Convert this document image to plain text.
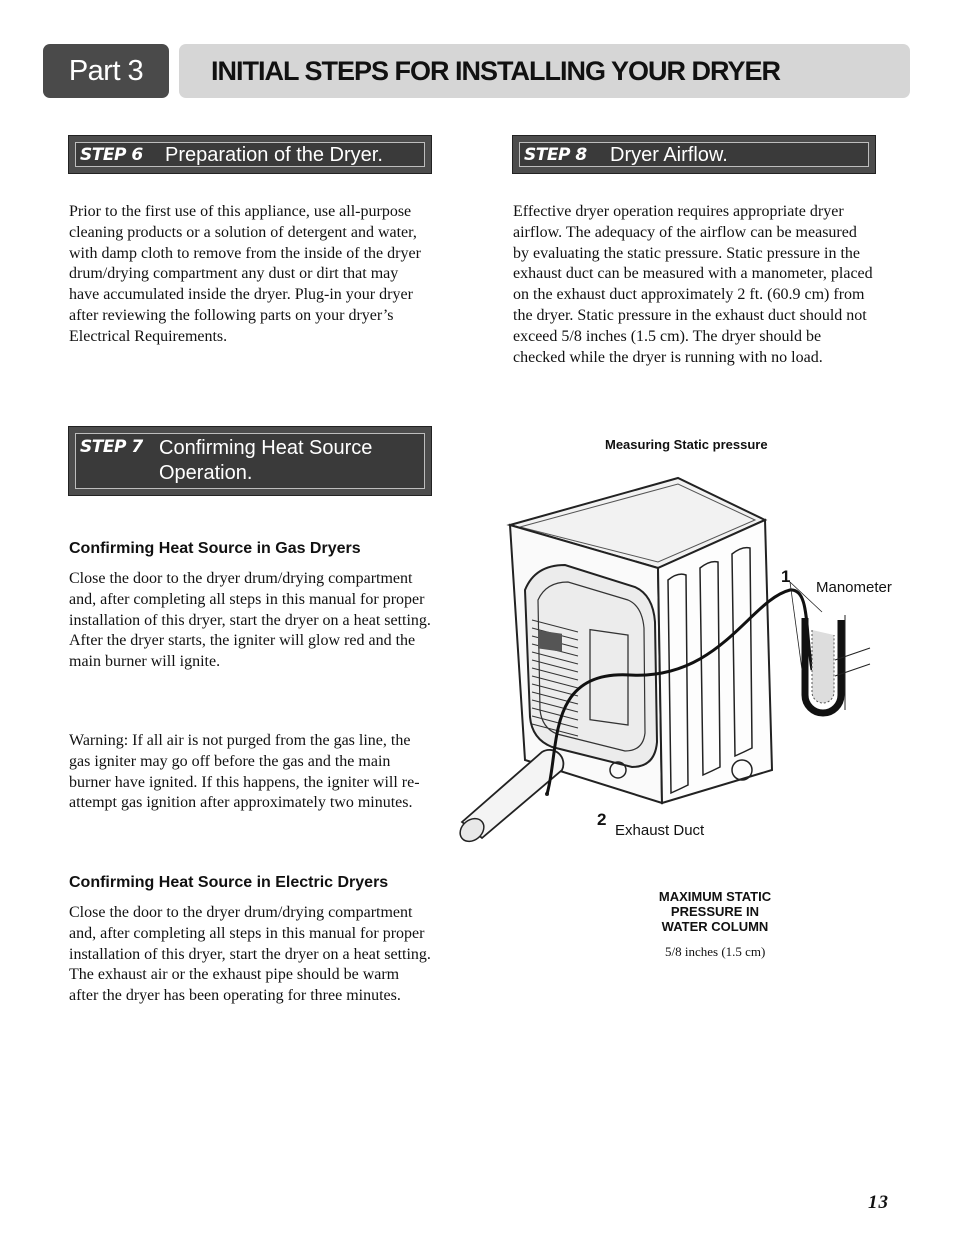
Part 3	INITIAL STEPS FOR INSTALLING YOUR DRYER
STEP 6 Preparation of the Dryer.

Prior to the first use of this appliance, use all-purpose cleaning products or a solution of detergent and water, with damp cloth to remove from the inside of the dryer drum/drying compartment any dust or dirt that may have accumulated inside the dryer. Plug-in your dryer after reviewing the following parts on your dryer’s Electrical Requirements.

STEP 7 Confirming Heat Source
Operation.
Confirming Heat Source in Gas Dryers

Close the door to the dryer drum/drying compartment and, after completing all steps in this manual for proper installation of this dryer, start the dryer on a heat setting. After the dryer starts, the igniter will glow red and the main burner will ignite.

Warning: If all air is not purged from the gas line, the gas igniter may go off before the gas and the main burner have ignited. If this happens, the igniter will re-attempt gas ignition after approximately two minutes.

Confirming Heat Source in Electric Dryers

Close the door to the dryer drum/drying compartment and, after completing all steps in this manual for proper installation of this dryer, start the dryer on a heat setting. The exhaust air or the exhaust pipe should be warm after the dryer has been operating for three minutes.

STEP 8 Dryer Airflow.

Effective dryer operation requires appropriate dryer airflow. The adequacy of the airflow can be measured by evaluating the static pressure. Static pressure in the exhaust duct can be measured with a manometer, placed on the exhaust duct approximately 2 ft. (60.9 cm) from the dryer. Static pressure in the exhaust duct should not exceed 5/8 inches (1.5 cm). The dryer should be checked while the dryer is running with no load.

Measuring Static pressure
1
Manometer
2
Exhaust Duct
MAXIMUM STATIC
PRESSURE IN
WATER COLUMN
5/8 inches (1.5 cm)
13
